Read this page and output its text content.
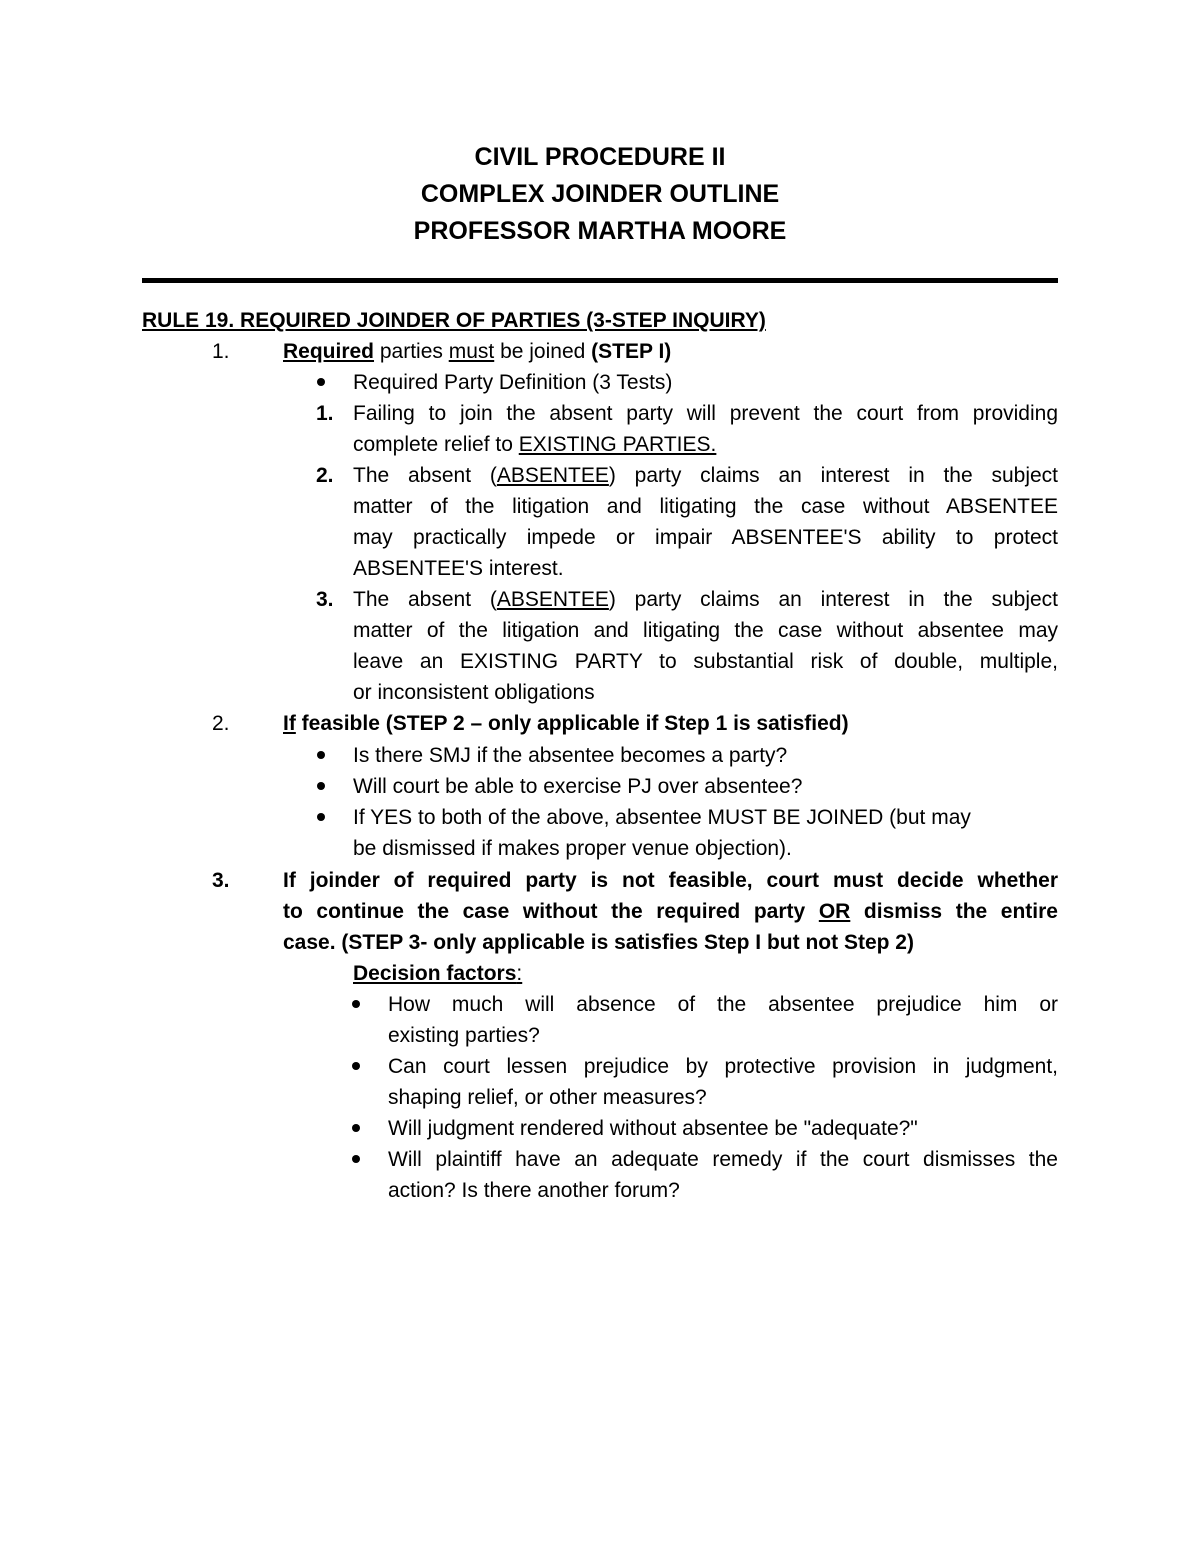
CIVIL PROCEDURE II
COMPLEX JOINDER OUTLINE
PROFESSOR MARTHA MOORE
RULE 19. REQUIRED JOINDER OF PARTIES (3-STEP INQUIRY)
1.	Required parties must be joined (STEP I)
Required Party Definition (3 Tests)
1. Failing to join the absent party will prevent the court from providing
complete relief to EXISTING PARTIES.
2. The absent (ABSENTEE) party claims an interest in the subject
matter of the litigation and litigating the case without ABSENTEE
may practically impede or impair ABSENTEE'S ability to protect
ABSENTEE'S interest.
3. The absent (ABSENTEE) party claims an interest in the subject
matter of the litigation and litigating the case without absentee may
leave an EXISTING PARTY to substantial risk of double, multiple,
or inconsistent obligations
2.	If feasible (STEP 2 – only applicable if Step 1 is satisfied)
Is there SMJ if the absentee becomes a party?
Will court be able to exercise PJ over absentee?
If YES to both of the above, absentee MUST BE JOINED (but may
be dismissed if makes proper venue objection).
3.	If joinder of required party is not feasible, court must decide whether
to continue the case without the required party OR dismiss the entire
case. (STEP 3- only applicable is satisfies Step I but not Step 2)
Decision factors:
How much will absence of the absentee prejudice him or
existing parties?
Can court lessen prejudice by protective provision in judgment,
shaping relief, or other measures?
Will judgment rendered without absentee be "adequate?"
Will plaintiff have an adequate remedy if the court dismisses the
action? Is there another forum?
